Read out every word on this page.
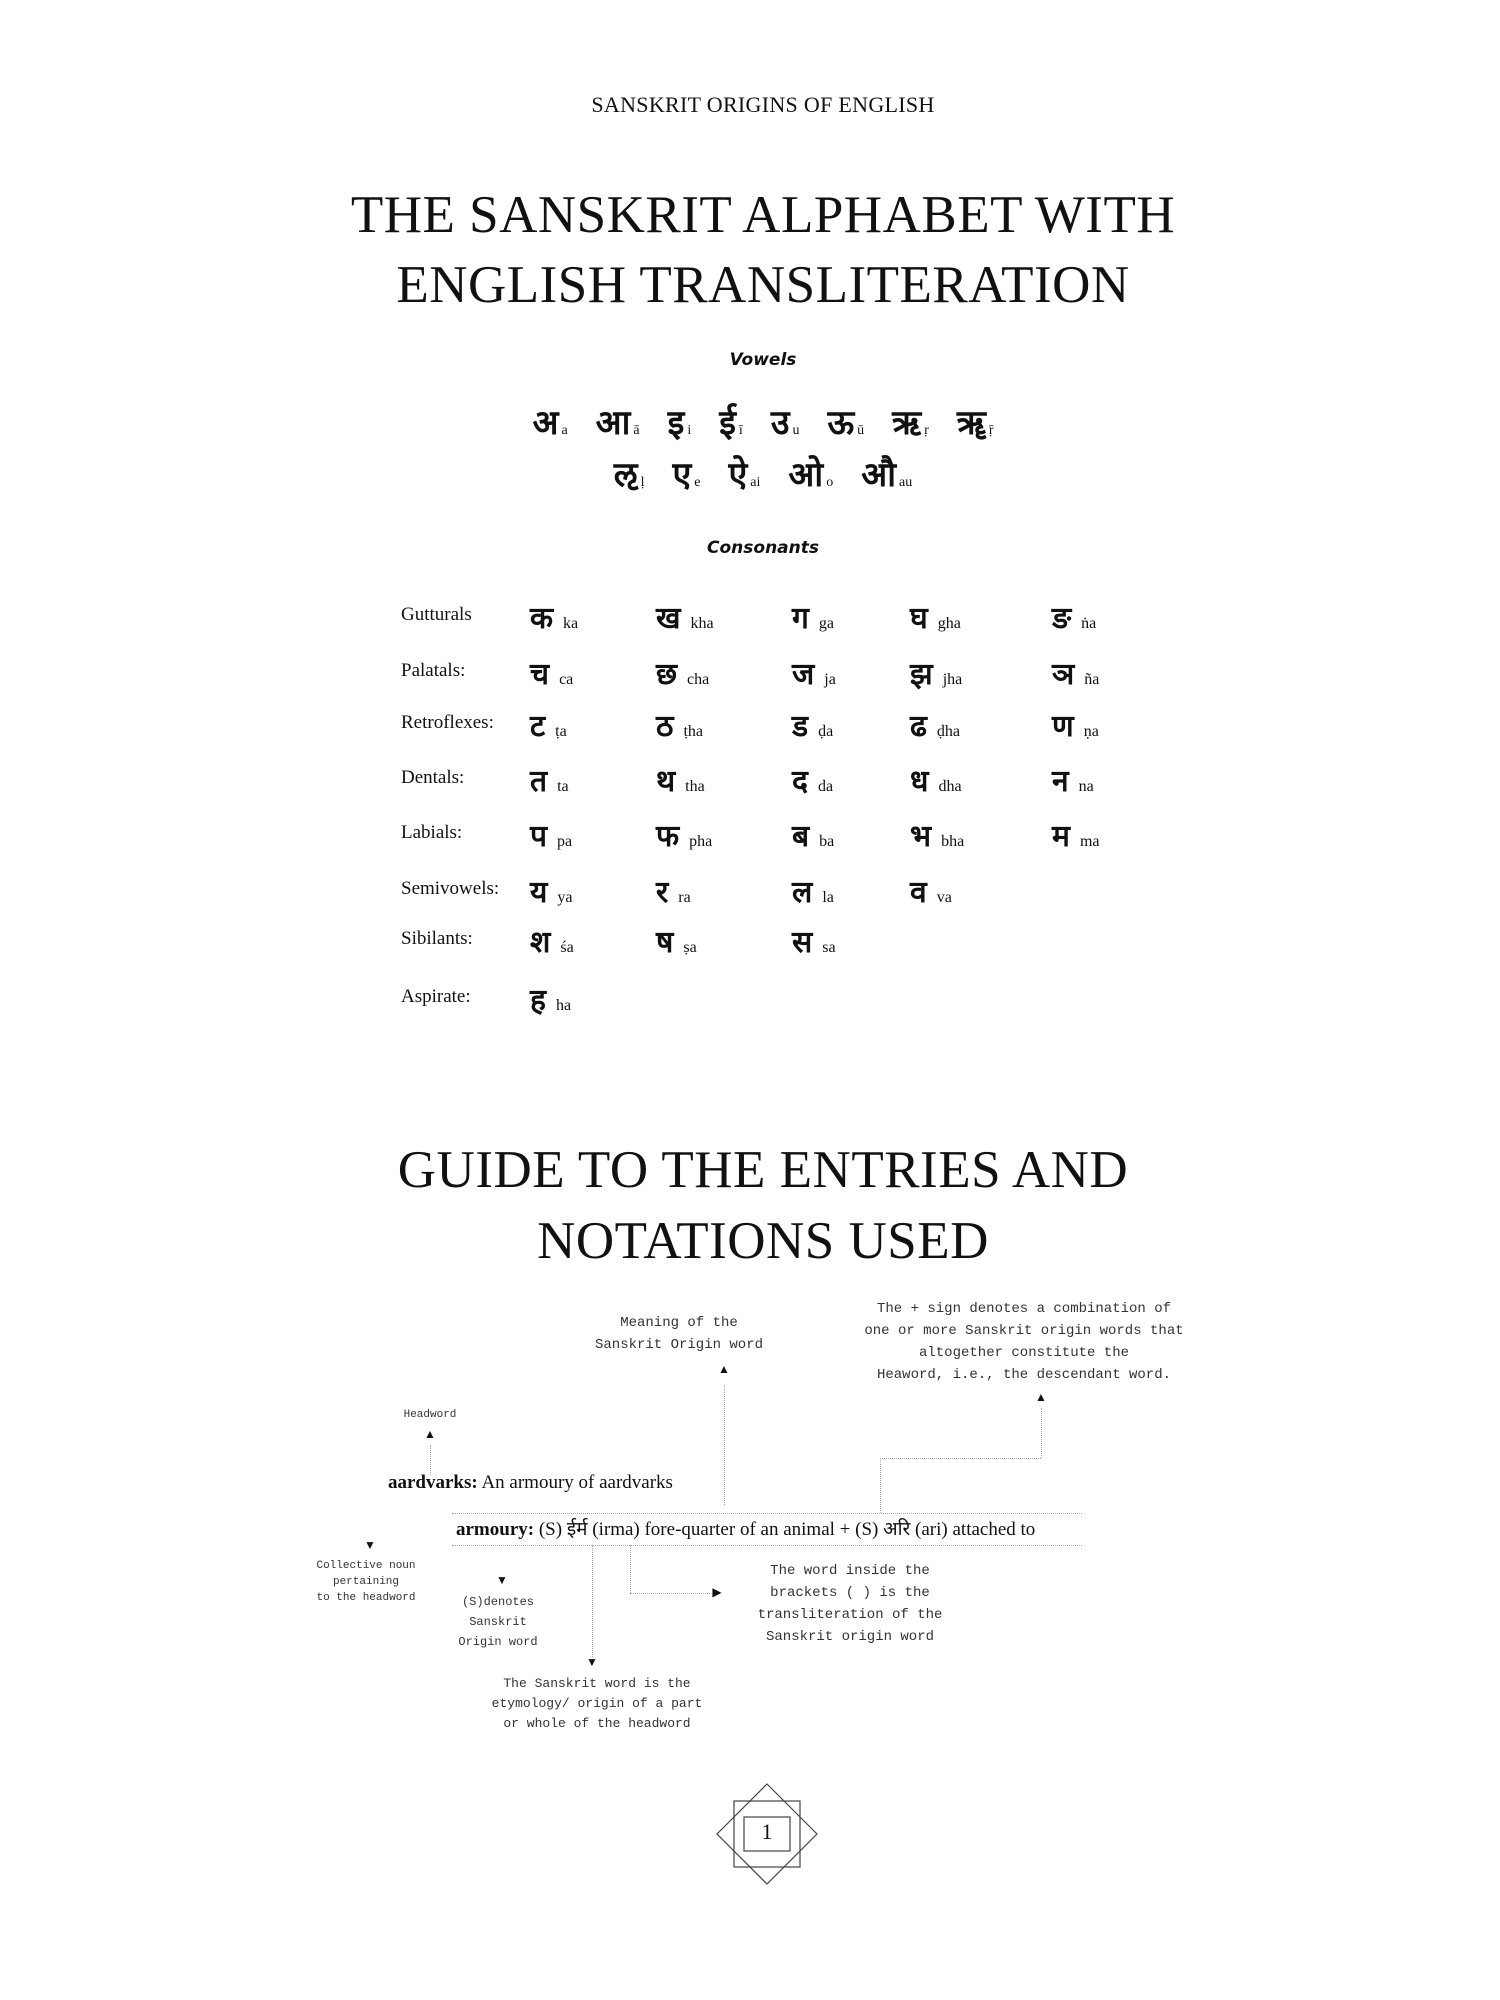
SANSKRIT ORIGINS OF ENGLISH
THE SANSKRIT ALPHABET WITH
ENGLISH TRANSLITERATION
Vowels
अ a आ ā इ i ई ī उ u ऊ ū ऋ ṛ ॠ ṝ
ऌ ḷ ए e ऐ ai ओ o औ au
Consonants
Gutturals कka	खkha	गga	घgha	ङṅa
Palatals: चca	छcha	जja झjha	ञña
Retroflexes: टṭa	ठṭha	डḍa	ढḍha	णṇa
Dentals: तta	थtha	दda	धdha	नna
Labials: पpa	फpha	बba	भbha	मma
Semivowels: यya	रra	लla	वva
Sibilants: शśa	षṣa	सsa
Aspirate: हha
GUIDE TO THE ENTRIES AND
NOTATIONS USED
Meaning of the
Sanskrit Origin word
▲
The + sign denotes a combination of
one or more Sanskrit origin words that
altogether constitute the
Heaword, i.e., the descendant word.
▲
Headword
▲
aardvarks: An armoury of aardvarks
armoury: (S) ईर्म (irma) fore-quarter of an animal + (S) अरि (ari) attached to
▼
Collective noun
pertaining
to the headword
▼
(S)denotes
Sanskrit
Origin word
▶
The word inside the
brackets ( ) is the
transliteration of the
Sanskrit origin word
▼
The Sanskrit word is the
etymology/ origin of a part
or whole of the headword
1
